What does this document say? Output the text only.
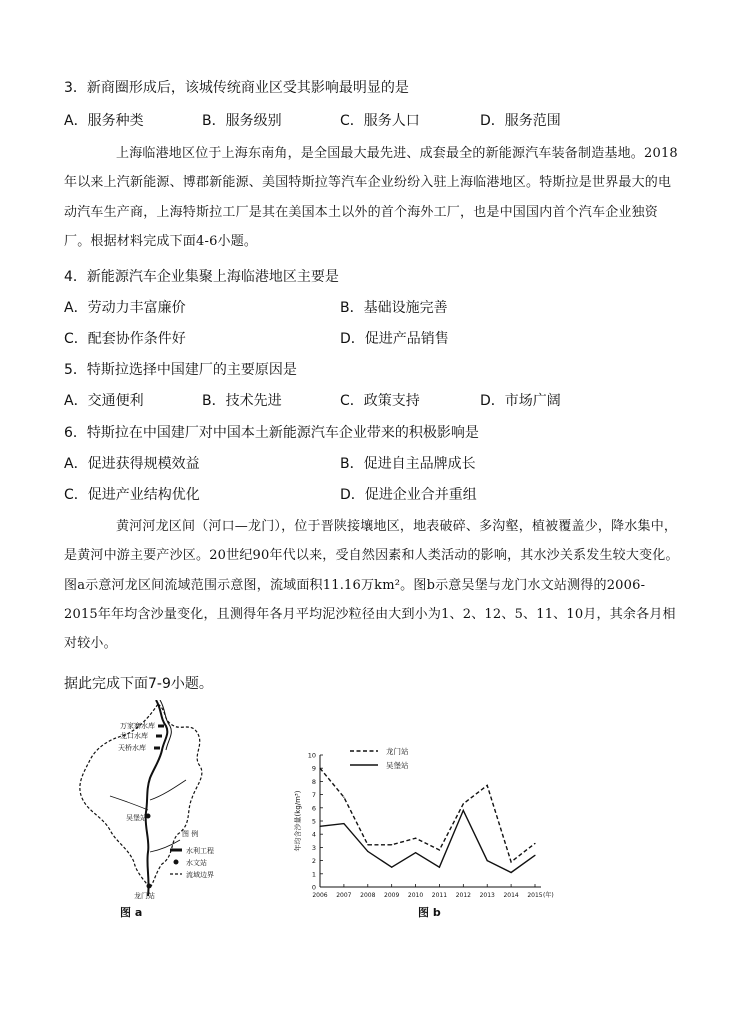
3．新商圈形成后，该城传统商业区受其影响最明显的是
A．服务种类	B．服务级别	C．服务人口	D．服务范围

上海临港地区位于上海东南角，是全国最大最先进、成套最全的新能源汽车装备制造基地。2018年以来上汽新能源、博郡新能源、美国特斯拉等汽车企业纷纷入驻上海临港地区。特斯拉是世界最大的电动汽车生产商，上海特斯拉工厂是其在美国本土以外的首个海外工厂，也是中国国内首个汽车企业独资厂。根据材料完成下面4-6小题。

4．新能源汽车企业集聚上海临港地区主要是
A．劳动力丰富廉价	B．基础设施完善
C．配套协作条件好	D．促进产品销售
5．特斯拉选择中国建厂的主要原因是
A．交通便利	B．技术先进	C．政策支持	D．市场广阔
6．特斯拉在中国建厂对中国本土新能源汽车企业带来的积极影响是
A．促进获得规模效益	B．促进自主品牌成长
C．促进产业结构优化	D．促进企业合并重组

黄河河龙区间（河口—龙门），位于晋陕接壤地区，地表破碎、多沟壑，植被覆盖少，降水集中，是黄河中游主要产沙区。20世纪90年代以来，受自然因素和人类活动的影响，其水沙关系发生较大变化。图a示意河龙区间流域范围示意图，流域面积11.16万km²。图b示意吴堡与龙门水文站测得的2006-2015年年均含沙量变化，且测得年各月平均泥沙粒径由大到小为1、2、12、5、11、10月，其余各月相对较小。

据此完成下面7-9小题。
万家寨水库
龙口水库
天桥水库
吴堡站
龙门站
图 例
水利工程
水文站
流域边界
图 a
0
1
2
3
4
5
6
7
8
9
10
2006 2007 2008 2009 2010 2011 2012 2013 2014 2015 (年)
年均含沙量(kg/m³)
龙门站
吴堡站
图 b
